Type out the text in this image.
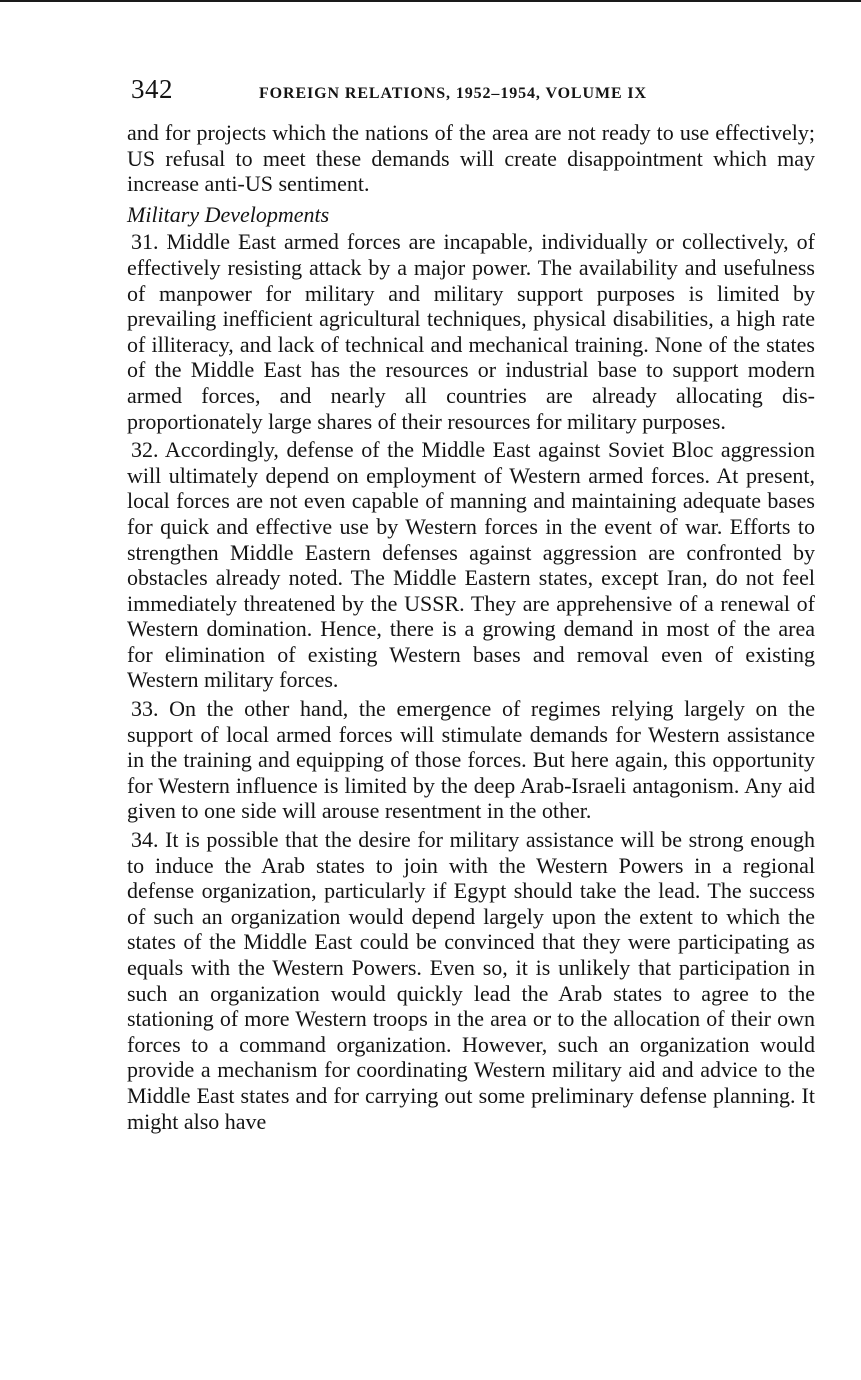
342	FOREIGN RELATIONS, 1952–1954, VOLUME IX

and for projects which the nations of the area are not ready to use effectively; US refusal to meet these demands will create disappointment which may increase anti-US sentiment.

Military Developments

31. Middle East armed forces are incapable, individually or collectively, of effectively resisting attack by a major power. The availability and usefulness of manpower for military and military support purposes is limited by prevailing inefficient agricultural techniques, physical disabilities, a high rate of illiteracy, and lack of technical and mechanical training. None of the states of the Middle East has the resources or industrial base to support modern armed forces, and nearly all countries are already allocating disproportionately large shares of their resources for military purposes.

32. Accordingly, defense of the Middle East against Soviet Bloc aggression will ultimately depend on employment of Western armed forces. At present, local forces are not even capable of manning and maintaining adequate bases for quick and effective use by Western forces in the event of war. Efforts to strengthen Middle Eastern defenses against aggression are confronted by obstacles already noted. The Middle Eastern states, except Iran, do not feel immediately threatened by the USSR. They are apprehensive of a renewal of Western domination. Hence, there is a growing demand in most of the area for elimination of existing Western bases and removal even of existing Western military forces.

33. On the other hand, the emergence of regimes relying largely on the support of local armed forces will stimulate demands for Western assistance in the training and equipping of those forces. But here again, this opportunity for Western influence is limited by the deep Arab-Israeli antagonism. Any aid given to one side will arouse resentment in the other.

34. It is possible that the desire for military assistance will be strong enough to induce the Arab states to join with the Western Powers in a regional defense organization, particularly if Egypt should take the lead. The success of such an organization would depend largely upon the extent to which the states of the Middle East could be convinced that they were participating as equals with the Western Powers. Even so, it is unlikely that participation in such an organization would quickly lead the Arab states to agree to the stationing of more Western troops in the area or to the allocation of their own forces to a command organization. However, such an organization would provide a mechanism for coordinating Western military aid and advice to the Middle East states and for carrying out some preliminary defense planning. It might also have
